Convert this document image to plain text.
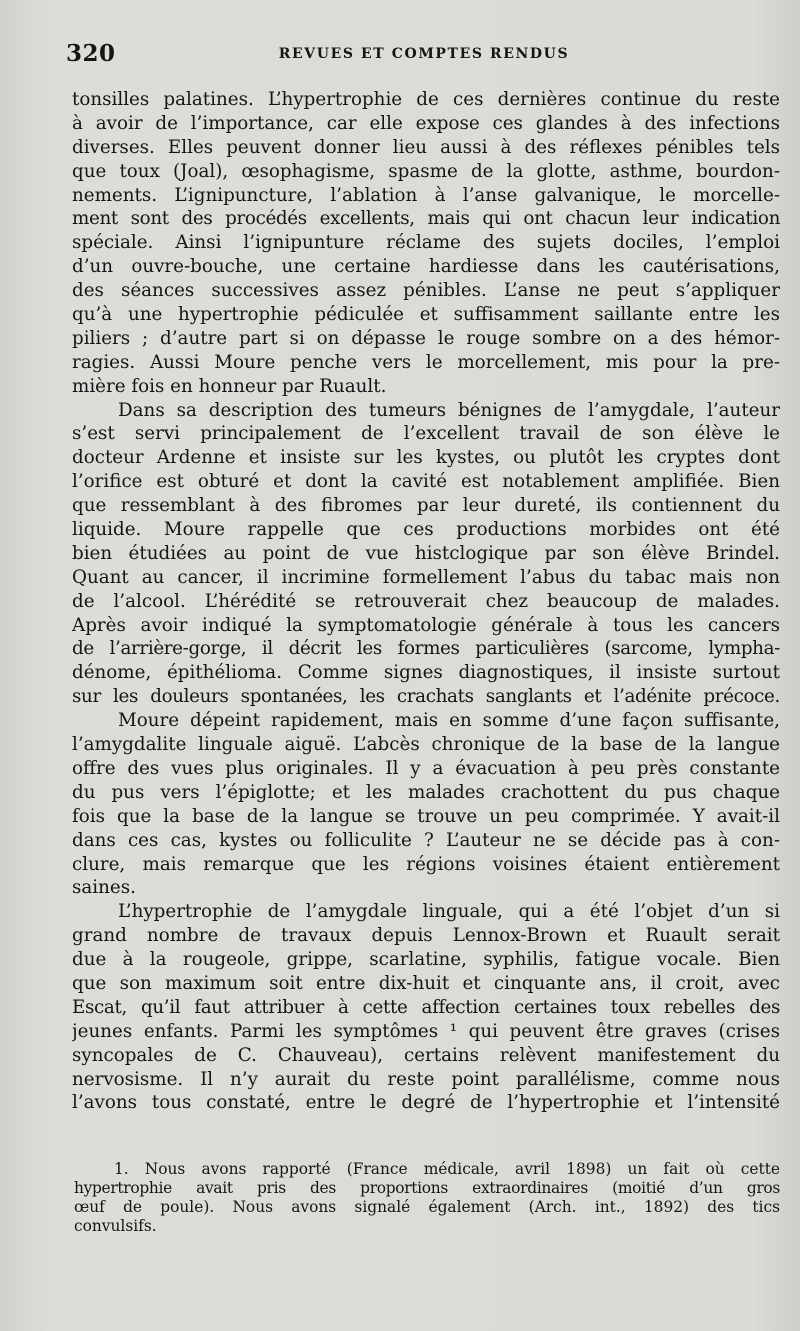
320	REVUES ET COMPTES RENDUS
tonsilles palatines. L’hypertrophie de ces dernières continue du reste
à avoir de l’importance, car elle expose ces glandes à des infections
diverses. Elles peuvent donner lieu aussi à des réflexes pénibles tels
que toux (Joal), œsophagisme, spasme de la glotte, asthme, bourdon-
nements. L’ignipuncture, l’ablation à l’anse galvanique, le morcelle-
ment sont des procédés excellents, mais qui ont chacun leur indication
spéciale. Ainsi l’ignipunture réclame des sujets dociles, l’emploi
d’un ouvre-bouche, une certaine hardiesse dans les cautérisations,
des séances successives assez pénibles. L’anse ne peut s’appliquer
qu’à une hypertrophie pédiculée et suffisamment saillante entre les
piliers ; d’autre part si on dépasse le rouge sombre on a des hémor-
ragies. Aussi Moure penche vers le morcellement, mis pour la pre-
mière fois en honneur par Ruault.
Dans sa description des tumeurs bénignes de l’amygdale, l’auteur
s’est servi principalement de l’excellent travail de son élève le
docteur Ardenne et insiste sur les kystes, ou plutôt les cryptes dont
l’orifice est obturé et dont la cavité est notablement amplifiée. Bien
que ressemblant à des fibromes par leur dureté, ils contiennent du
liquide. Moure rappelle que ces productions morbides ont été
bien étudiées au point de vue histclogique par son élève Brindel.
Quant au cancer, il incrimine formellement l’abus du tabac mais non
de l’alcool. L’hérédité se retrouverait chez beaucoup de malades.
Après avoir indiqué la symptomatologie générale à tous les cancers
de l’arrière-gorge, il décrit les formes particulières (sarcome, lympha-
dénome, épithélioma. Comme signes diagnostiques, il insiste surtout
sur les douleurs spontanées, les crachats sanglants et l’adénite précoce.
Moure dépeint rapidement, mais en somme d’une façon suffisante,
l’amygdalite linguale aiguë. L’abcès chronique de la base de la langue
offre des vues plus originales. Il y a évacuation à peu près constante
du pus vers l’épiglotte; et les malades crachottent du pus chaque
fois que la base de la langue se trouve un peu comprimée. Y avait-il
dans ces cas, kystes ou folliculite ? L’auteur ne se décide pas à con-
clure, mais remarque que les régions voisines étaient entièrement
saines.
L’hypertrophie de l’amygdale linguale, qui a été l’objet d’un si
grand nombre de travaux depuis Lennox-Brown et Ruault serait
due à la rougeole, grippe, scarlatine, syphilis, fatigue vocale. Bien
que son maximum soit entre dix-huit et cinquante ans, il croit, avec
Escat, qu’il faut attribuer à cette affection certaines toux rebelles des
jeunes enfants. Parmi les symptômes ¹ qui peuvent être graves (crises
syncopales de C. Chauveau), certains relèvent manifestement du
nervosisme. Il n’y aurait du reste point parallélisme, comme nous
l’avons tous constaté, entre le degré de l’hypertrophie et l’intensité
1. Nous avons rapporté (France médicale, avril 1898) un fait où cette
hypertrophie avait pris des proportions extraordinaires (moitié d’un gros
œuf de poule). Nous avons signalé également (Arch. int., 1892) des tics
convulsifs.
